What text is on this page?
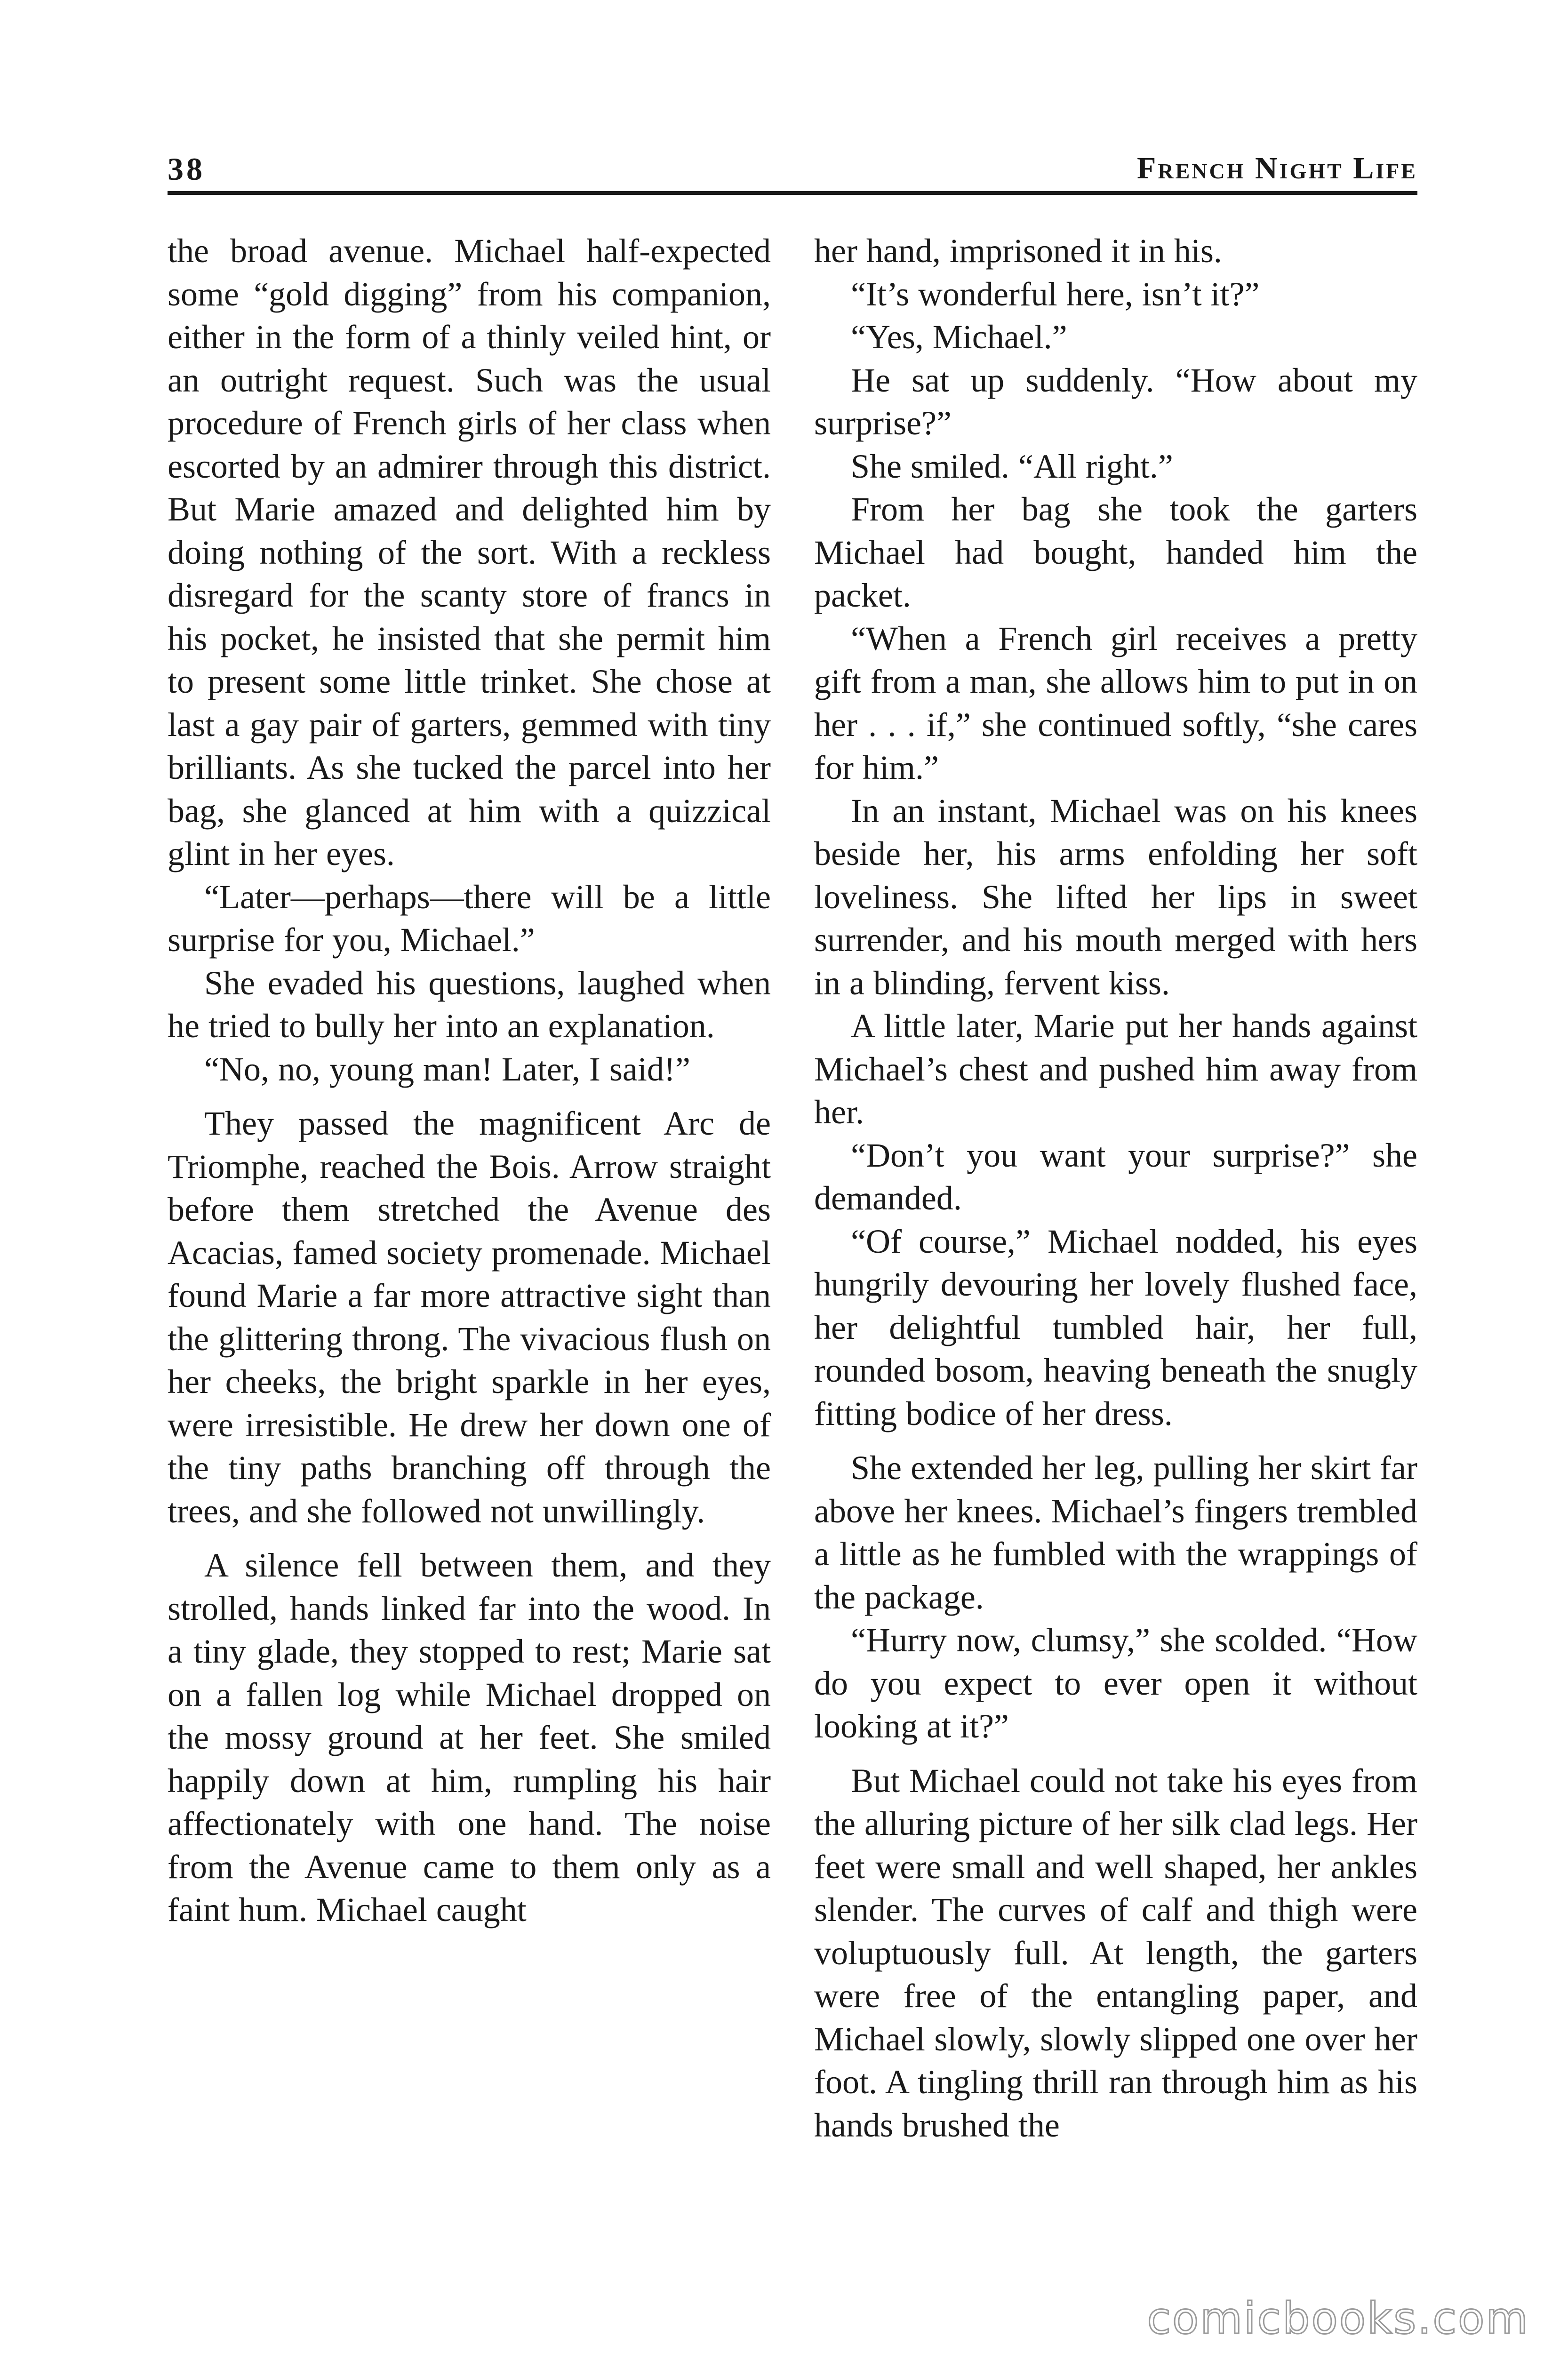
38	French Night Life

the broad avenue. Michael half-expected some “gold digging” from his companion, either in the form of a thinly veiled hint, or an outright request. Such was the usual procedure of French girls of her class when escorted by an admirer through this district. But Marie amazed and delighted him by doing nothing of the sort. With a reckless disregard for the scanty store of francs in his pocket, he insisted that she permit him to present some little trinket. She chose at last a gay pair of garters, gemmed with tiny brilliants. As she tucked the parcel into her bag, she glanced at him with a quizzical glint in her eyes.

“Later—perhaps—there will be a little surprise for you, Michael.”

She evaded his questions, laughed when he tried to bully her into an explanation.

“No, no, young man! Later, I said!”

They passed the magnificent Arc de Triomphe, reached the Bois. Arrow straight before them stretched the Avenue des Acacias, famed society promenade. Michael found Marie a far more attractive sight than the glittering throng. The vivacious flush on her cheeks, the bright sparkle in her eyes, were irresistible. He drew her down one of the tiny paths branching off through the trees, and she followed not unwillingly.

A silence fell between them, and they strolled, hands linked far into the wood. In a tiny glade, they stopped to rest; Marie sat on a fallen log while Michael dropped on the mossy ground at her feet. She smiled happily down at him, rumpling his hair affectionately with one hand. The noise from the Avenue came to them only as a faint hum. Michael caught

her hand, imprisoned it in his.

“It’s wonderful here, isn’t it?”

“Yes, Michael.”

He sat up suddenly. “How about my surprise?”

She smiled. “All right.”

From her bag she took the garters Michael had bought, handed him the packet.

“When a French girl receives a pretty gift from a man, she allows him to put in on her . . . if,” she continued softly, “she cares for him.”

In an instant, Michael was on his knees beside her, his arms enfolding her soft loveliness. She lifted her lips in sweet surrender, and his mouth merged with hers in a blinding, fervent kiss.

A little later, Marie put her hands against Michael’s chest and pushed him away from her.

“Don’t you want your surprise?” she demanded.

“Of course,” Michael nodded, his eyes hungrily devouring her lovely flushed face, her delightful tumbled hair, her full, rounded bosom, heaving beneath the snugly fitting bodice of her dress.

She extended her leg, pulling her skirt far above her knees. Michael’s fingers trembled a little as he fumbled with the wrappings of the package.

“Hurry now, clumsy,” she scolded. “How do you expect to ever open it without looking at it?”

But Michael could not take his eyes from the alluring picture of her silk clad legs. Her feet were small and well shaped, her ankles slender. The curves of calf and thigh were voluptuously full. At length, the garters were free of the entangling paper, and Michael slowly, slowly slipped one over her foot. A tingling thrill ran through him as his hands brushed the

comicbooks.com
